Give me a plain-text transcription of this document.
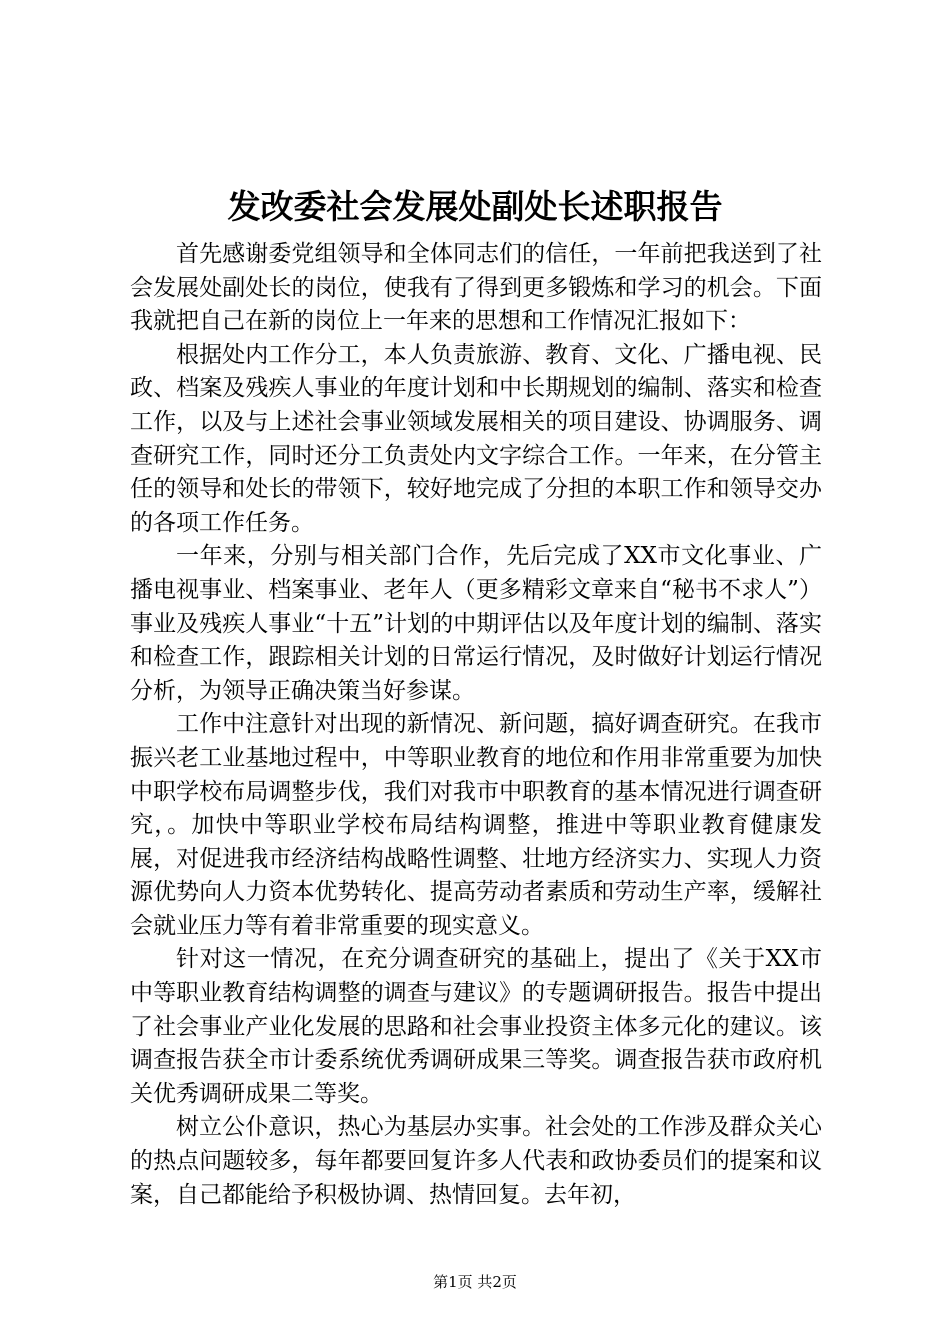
发改委社会发展处副处长述职报告

首先感谢委党组领导和全体同志们的信任，一年前把我送到了社会发展处副处长的岗位，使我有了得到更多锻炼和学习的机会。下面我就把自己在新的岗位上一年来的思想和工作情况汇报如下：

根据处内工作分工，本人负责旅游、教育、文化、广播电视、民政、档案及残疾人事业的年度计划和中长期规划的编制、落实和检查工作，以及与上述社会事业领域发展相关的项目建设、协调服务、调查研究工作，同时还分工负责处内文字综合工作。一年来，在分管主任的领导和处长的带领下，较好地完成了分担的本职工作和领导交办的各项工作任务。

一年来，分别与相关部门合作，先后完成了XX市文化事业、广播电视事业、档案事业、老年人（更多精彩文章来自“秘书不求人”）事业及残疾人事业“十五”计划的中期评估以及年度计划的编制、落实和检查工作，跟踪相关计划的日常运行情况，及时做好计划运行情况分析，为领导正确决策当好参谋。

工作中注意针对出现的新情况、新问题，搞好调查研究。在我市振兴老工业基地过程中，中等职业教育的地位和作用非常重要为加快中职学校布局调整步伐，我们对我市中职教育的基本情况进行调查研究，。加快中等职业学校布局结构调整，推进中等职业教育健康发展，对促进我市经济结构战略性调整、壮地方经济实力、实现人力资源优势向人力资本优势转化、提高劳动者素质和劳动生产率，缓解社会就业压力等有着非常重要的现实意义。

针对这一情况，在充分调查研究的基础上，提出了《关于XX市中等职业教育结构调整的调查与建议》的专题调研报告。报告中提出了社会事业产业化发展的思路和社会事业投资主体多元化的建议。该调查报告获全市计委系统优秀调研成果三等奖。调查报告获市政府机关优秀调研成果二等奖。

树立公仆意识，热心为基层办实事。社会处的工作涉及群众关心的热点问题较多，每年都要回复许多人代表和政协委员们的提案和议案，自己都能给予积极协调、热情回复。去年初，

第1页 共2页
